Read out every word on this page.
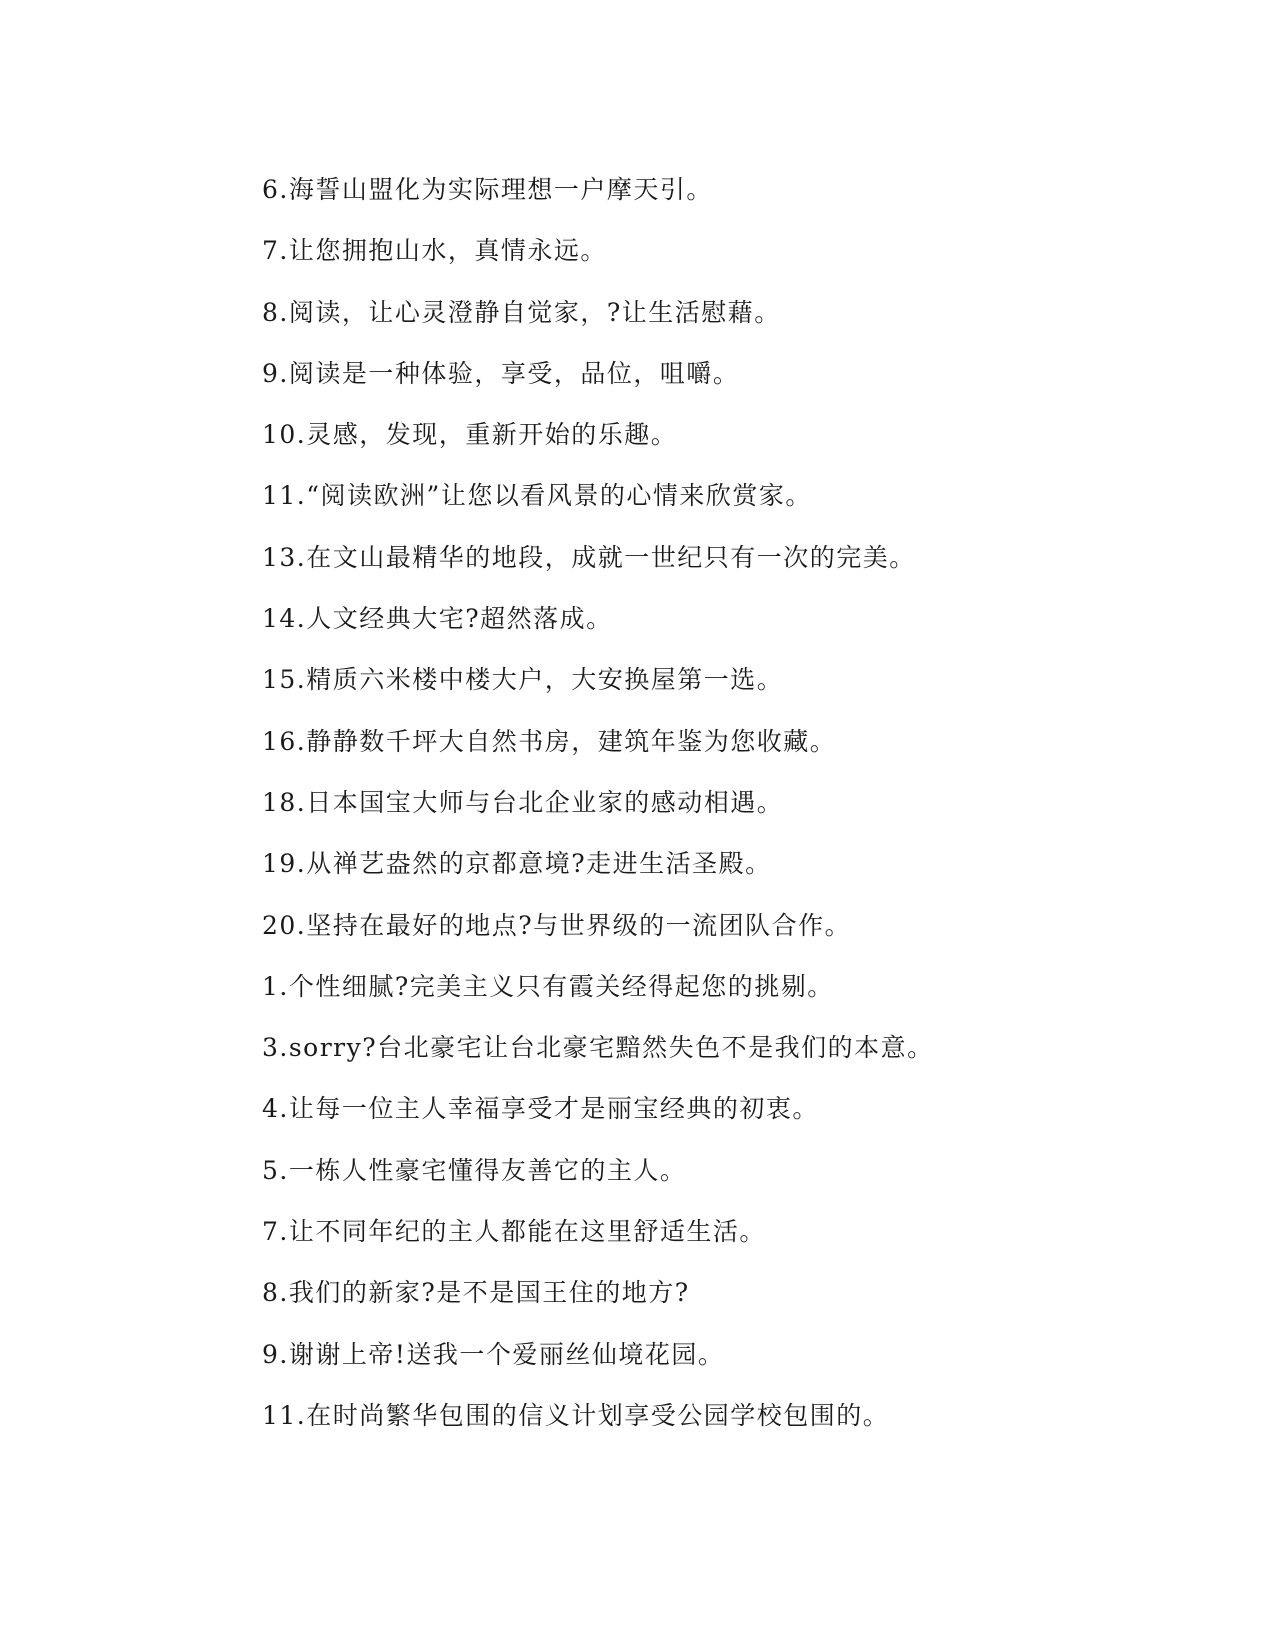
6.海誓山盟化为实际理想一户摩天引。
7.让您拥抱山水，真情永远。
8.阅读，让心灵澄静自觉家，?让生活慰藉。
9.阅读是一种体验，享受，品位，咀嚼。
10.灵感，发现，重新开始的乐趣。
11.“阅读欧洲”让您以看风景的心情来欣赏家。
13.在文山最精华的地段，成就一世纪只有一次的完美。
14.人文经典大宅?超然落成。
15.精质六米楼中楼大户，大安换屋第一选。
16.静静数千坪大自然书房，建筑年鉴为您收藏。
18.日本国宝大师与台北企业家的感动相遇。
19.从禅艺盎然的京都意境?走进生活圣殿。
20.坚持在最好的地点?与世界级的一流团队合作。
1.个性细腻?完美主义只有霞关经得起您的挑剔。
3.sorry?台北豪宅让台北豪宅黯然失色不是我们的本意。
4.让每一位主人幸福享受才是丽宝经典的初衷。
5.一栋人性豪宅懂得友善它的主人。
7.让不同年纪的主人都能在这里舒适生活。
8.我们的新家?是不是国王住的地方?
9.谢谢上帝!送我一个爱丽丝仙境花园。
11.在时尚繁华包围的信义计划享受公园学校包围的。
